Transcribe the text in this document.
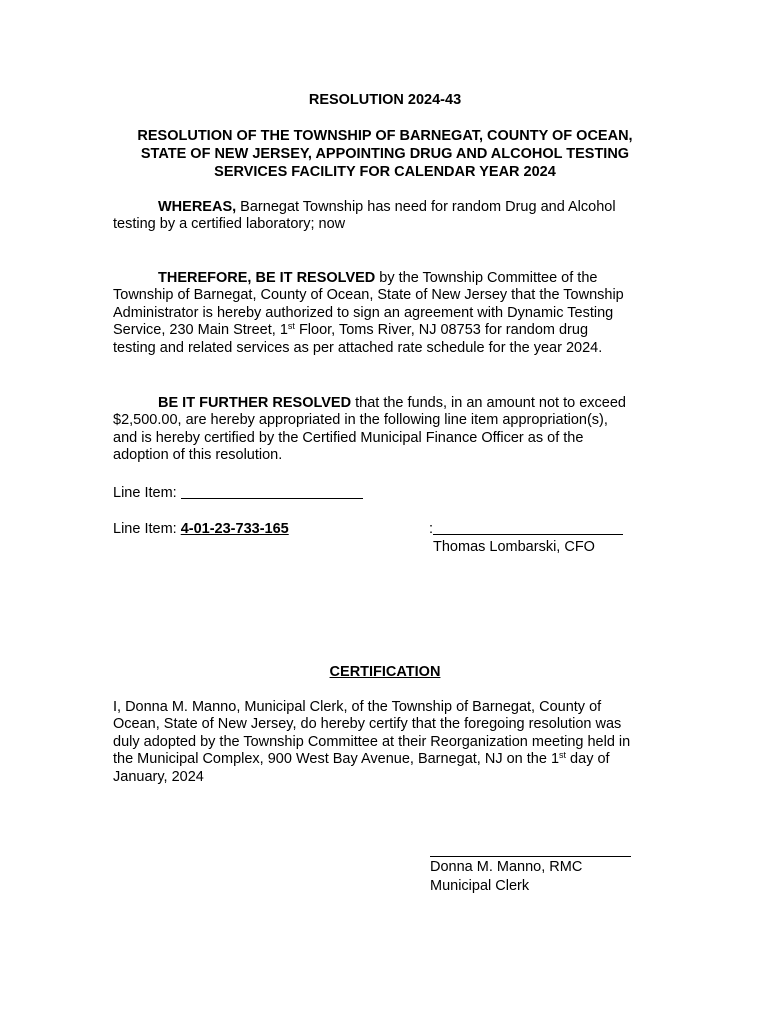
RESOLUTION 2024-43
RESOLUTION OF THE TOWNSHIP OF BARNEGAT, COUNTY OF OCEAN,
STATE OF NEW JERSEY, APPOINTING DRUG AND ALCOHOL TESTING
SERVICES FACILITY FOR CALENDAR YEAR 2024
WHEREAS, Barnegat Township has need for random Drug and Alcohol
testing by a certified laboratory; now
THEREFORE, BE IT RESOLVED by the Township Committee of the
Township of Barnegat, County of Ocean, State of New Jersey that the Township
Administrator is hereby authorized to sign an agreement with Dynamic Testing
Service, 230 Main Street, 1st Floor, Toms River, NJ 08753 for random drug
testing and related services as per attached rate schedule for the year 2024.
BE IT FURTHER RESOLVED that the funds, in an amount not to exceed
$2,500.00, are hereby appropriated in the following line item appropriation(s),
and is hereby certified by the Certified Municipal Finance Officer as of the
adoption of this resolution.
Line Item:
Line Item: 4-01-23-733-165	:
Thomas Lombarski, CFO
CERTIFICATION
I, Donna M. Manno, Municipal Clerk, of the Township of Barnegat, County of
Ocean, State of New Jersey, do hereby certify that the foregoing resolution was
duly adopted by the Township Committee at their Reorganization meeting held in
the Municipal Complex, 900 West Bay Avenue, Barnegat, NJ on the 1st day of
January, 2024
Donna M. Manno, RMC
Municipal Clerk
